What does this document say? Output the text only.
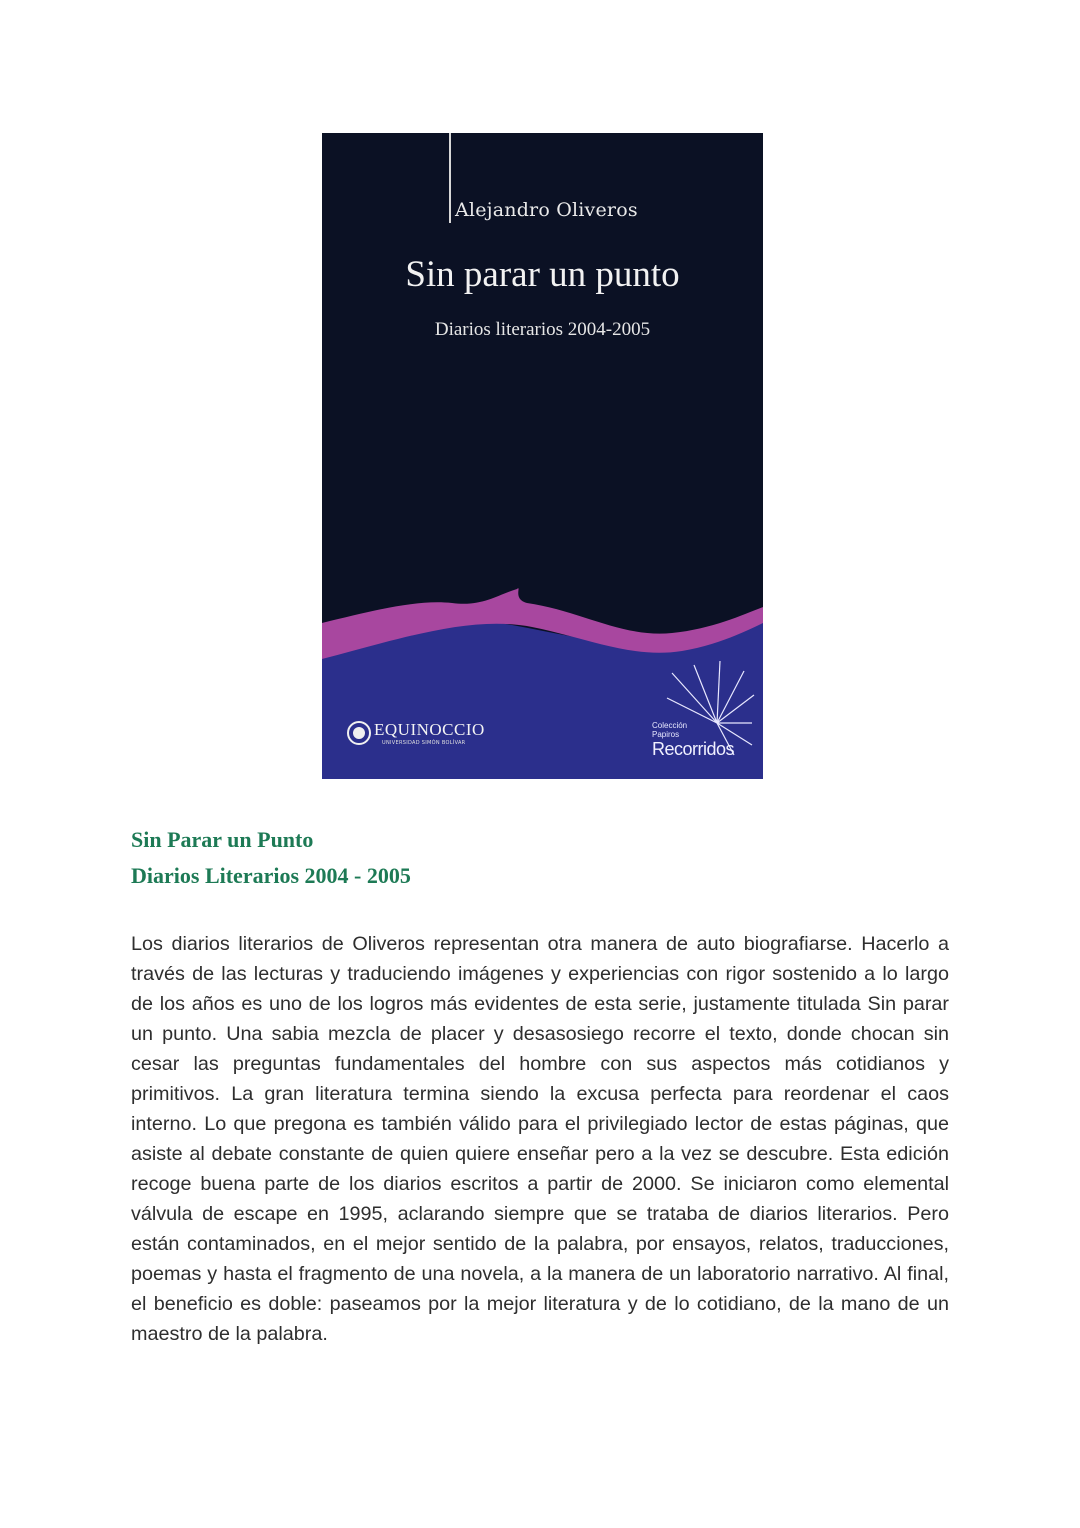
Alejandro Oliveros
Sin parar un punto
Diarios literarios 2004-2005
EQUINOCCIO
UNIVERSIDAD SIMÓN BOLÍVAR
Colección
Papiros
Recorridos
Sin Parar un Punto
Diarios Literarios 2004 - 2005

Los diarios literarios de Oliveros representan otra manera de auto biografiarse. Hacerlo a través de las lecturas y traduciendo imágenes y experiencias con rigor sostenido a lo largo de los años es uno de los logros más evidentes de esta serie, justamente titulada Sin parar un punto. Una sabia mezcla de placer y desasosiego recorre el texto, donde chocan sin cesar las preguntas fundamentales del hombre con sus aspectos más cotidianos y primitivos. La gran literatura termina siendo la excusa perfecta para reordenar el caos interno. Lo que pregona es también válido para el privilegiado lector de estas páginas, que asiste al debate constante de quien quiere enseñar pero a la vez se descubre. Esta edición recoge buena parte de los diarios escritos a partir de 2000. Se iniciaron como elemental válvula de escape en 1995, aclarando siempre que se trataba de diarios literarios. Pero están contaminados, en el mejor sentido de la palabra, por ensayos, relatos, traducciones, poemas y hasta el fragmento de una novela, a la manera de un laboratorio narrativo. Al final, el beneficio es doble: paseamos por la mejor literatura y de lo cotidiano, de la mano de un maestro de la palabra.
